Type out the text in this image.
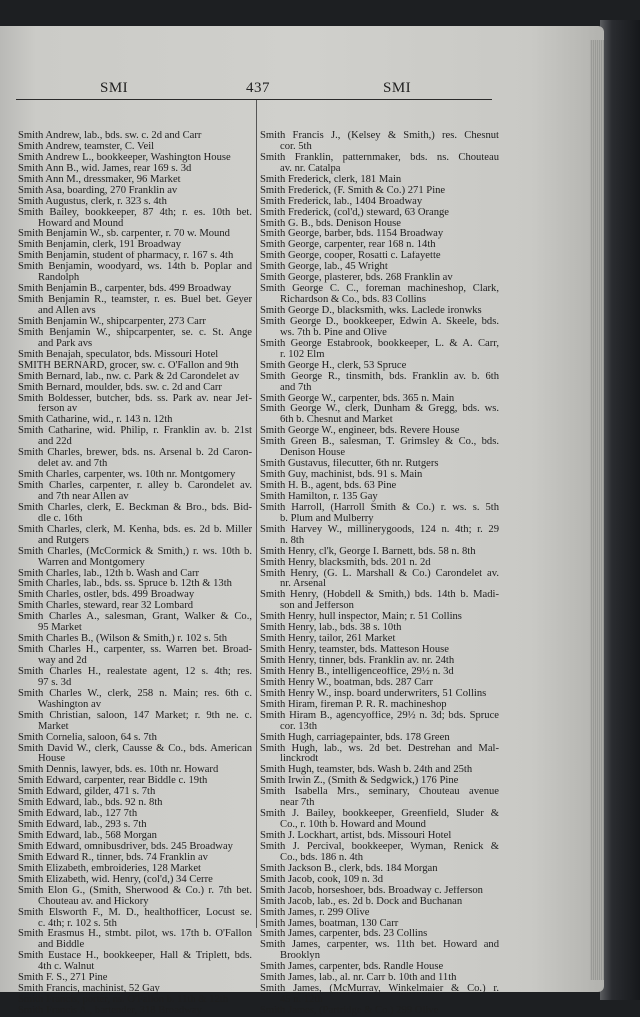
SMI	437	SMI
Smith Andrew, lab., bds. sw. c. 2d and Carr
Smith Andrew, teamster, C. Veil
Smith Andrew L., bookkeeper, Washington House
Smith Ann B., wid. James, rear 169 s. 3d
Smith Ann M., dressmaker, 96 Market
Smith Asa, boarding, 270 Franklin av
Smith Augustus, clerk, r. 323 s. 4th
Smith Bailey, bookkeeper, 87 4th; r. es. 10th bet.
Howard and Mound
Smith Benjamin W., sb. carpenter, r. 70 w. Mound
Smith Benjamin, clerk, 191 Broadway
Smith Benjamin, student of pharmacy, r. 167 s. 4th
Smith Benjamin, woodyard, ws. 14th b. Poplar and
Randolph
Smith Benjamin B., carpenter, bds. 499 Broadway
Smith Benjamin R., teamster, r. es. Buel bet. Geyer
and Allen avs
Smith Benjamin W., shipcarpenter, 273 Carr
Smith Benjamin W., shipcarpenter, se. c. St. Ange
and Park avs
Smith Benajah, speculator, bds. Missouri Hotel
SMITH BERNARD, grocer, sw. c. O'Fallon and 9th
Smith Bernard, lab., nw. c. Park & 2d Carondelet av
Smith Bernard, moulder, bds. sw. c. 2d and Carr
Smith Boldesser, butcher, bds. ss. Park av. near Jef-
ferson av
Smith Catharine, wid., r. 143 n. 12th
Smith Catharine, wid. Philip, r. Franklin av. b. 21st
and 22d
Smith Charles, brewer, bds. ns. Arsenal b. 2d Caron-
delet av. and 7th
Smith Charles, carpenter, ws. 10th nr. Montgomery
Smith Charles, carpenter, r. alley b. Carondelet av.
and 7th near Allen av
Smith Charles, clerk, E. Beckman & Bro., bds. Bid-
dle c. 16th
Smith Charles, clerk, M. Kenha, bds. es. 2d b. Miller
and Rutgers
Smith Charles, (McCormick & Smith,) r. ws. 10th b.
Warren and Montgomery
Smith Charles, lab., 12th b. Wash and Carr
Smith Charles, lab., bds. ss. Spruce b. 12th & 13th
Smith Charles, ostler, bds. 499 Broadway
Smith Charles, steward, rear 32 Lombard
Smith Charles A., salesman, Grant, Walker & Co.,
95 Market
Smith Charles B., (Wilson & Smith,) r. 102 s. 5th
Smith Charles H., carpenter, ss. Warren bet. Broad-
way and 2d
Smith Charles H., realestate agent, 12 s. 4th; res.
97 s. 3d
Smith Charles W., clerk, 258 n. Main; res. 6th c.
Washington av
Smith Christian, saloon, 147 Market; r. 9th ne. c.
Market
Smith Cornelia, saloon, 64 s. 7th
Smith David W., clerk, Causse & Co., bds. American
House
Smith Dennis, lawyer, bds. es. 10th nr. Howard
Smith Edward, carpenter, rear Biddle c. 19th
Smith Edward, gilder, 471 s. 7th
Smith Edward, lab., bds. 92 n. 8th
Smith Edward, lab., 127 7th
Smith Edward, lab., 293 s. 7th
Smith Edward, lab., 568 Morgan
Smith Edward, omnibusdriver, bds. 245 Broadway
Smith Edward R., tinner, bds. 74 Franklin av
Smith Elizabeth, embroideries, 128 Market
Smith Elizabeth, wid. Henry, (col'd,) 34 Cerre
Smith Elon G., (Smith, Sherwood & Co.) r. 7th bet.
Chouteau av. and Hickory
Smith Elsworth F., M. D., healthofficer, Locust se.
c. 4th; r. 102 s. 5th
Smith Erasmus H., stmbt. pilot, ws. 17th b. O'Fallon
and Biddle
Smith Eustace H., bookkeeper, Hall & Triplett, bds.
4th c. Walnut
Smith F. S., 271 Pine
Smith Francis, machinist, 52 Gay
Smith Francis, porter, ns. O'Fallon b. 11th & 12th
Smith Francis A., bartender, 318 Broadway
Smith Francis J., (Kelsey & Smith,) res. Chesnut
cor. 5th
Smith Franklin, patternmaker, bds. ns. Chouteau
av. nr. Catalpa
Smith Frederick, clerk, 181 Main
Smith Frederick, (F. Smith & Co.) 271 Pine
Smith Frederick, lab., 1404 Broadway
Smith Frederick, (col'd,) steward, 63 Orange
Smith G. B., bds. Denison House
Smith George, barber, bds. 1154 Broadway
Smith George, carpenter, rear 168 n. 14th
Smith George, cooper, Rosatti c. Lafayette
Smith George, lab., 45 Wright
Smith George, plasterer, bds. 268 Franklin av
Smith George C. C., foreman machineshop, Clark,
Richardson & Co., bds. 83 Collins
Smith George D., blacksmith, wks. Laclede ironwks
Smith George D., bookkeeper, Edwin A. Skeele, bds.
ws. 7th b. Pine and Olive
Smith George Estabrook, bookkeeper, L. & A. Carr,
r. 102 Elm
Smith George H., clerk, 53 Spruce
Smith George R., tinsmith, bds. Franklin av. b. 6th
and 7th
Smith George W., carpenter, bds. 365 n. Main
Smith George W., clerk, Dunham & Gregg, bds. ws.
6th b. Chesnut and Market
Smith George W., engineer, bds. Revere House
Smith Green B., salesman, T. Grimsley & Co., bds.
Denison House
Smith Gustavus, filecutter, 6th nr. Rutgers
Smith Guy, machinist, bds. 91 s. Main
Smith H. B., agent, bds. 63 Pine
Smith Hamilton, r. 135 Gay
Smith Harroll, (Harroll Smith & Co.) r. ws. s. 5th
b. Plum and Mulberry
Smith Harvey W., millinerygoods, 124 n. 4th; r. 29
n. 8th
Smith Henry, cl'k, George I. Barnett, bds. 58 n. 8th
Smith Henry, blacksmith, bds. 201 n. 2d
Smith Henry, (G. L. Marshall & Co.) Carondelet av.
nr. Arsenal
Smith Henry, (Hobdell & Smith,) bds. 14th b. Madi-
son and Jefferson
Smith Henry, hull inspector, Main; r. 51 Collins
Smith Henry, lab., bds. 38 s. 10th
Smith Henry, tailor, 261 Market
Smith Henry, teamster, bds. Matteson House
Smith Henry, tinner, bds. Franklin av. nr. 24th
Smith Henry B., intelligenceoffice, 29½ n. 3d
Smith Henry W., boatman, bds. 287 Carr
Smith Henry W., insp. board underwriters, 51 Collins
Smith Hiram, fireman P. R. R. machineshop
Smith Hiram B., agencyoffice, 29½ n. 3d; bds. Spruce
cor. 13th
Smith Hugh, carriagepainter, bds. 178 Green
Smith Hugh, lab., ws. 2d bet. Destrehan and Mal-
linckrodt
Smith Hugh, teamster, bds. Wash b. 24th and 25th
Smith Irwin Z., (Smith & Sedgwick,) 176 Pine
Smith Isabella Mrs., seminary, Chouteau avenue
near 7th
Smith J. Bailey, bookkeeper, Greenfield, Sluder &
Co., r. 10th b. Howard and Mound
Smith J. Lockhart, artist, bds. Missouri Hotel
Smith J. Percival, bookkeeper, Wyman, Renick &
Co., bds. 186 n. 4th
Smith Jackson B., clerk, bds. 184 Morgan
Smith Jacob, cook, 109 n. 3d
Smith Jacob, horseshoer, bds. Broadway c. Jefferson
Smith Jacob, lab., es. 2d b. Dock and Buchanan
Smith James, r. 299 Olive
Smith James, boatman, 130 Carr
Smith James, carpenter, bds. 23 Collins
Smith James, carpenter, ws. 11th bet. Howard and
Brooklyn
Smith James, carpenter, bds. Randle House
Smith James, lab., al. nr. Carr b. 10th and 11th
Smith James, (McMurray, Winkelmaier & Co.) r.
45 n. 12th
Smith James, (Partridge & Co.) 299 Olive
